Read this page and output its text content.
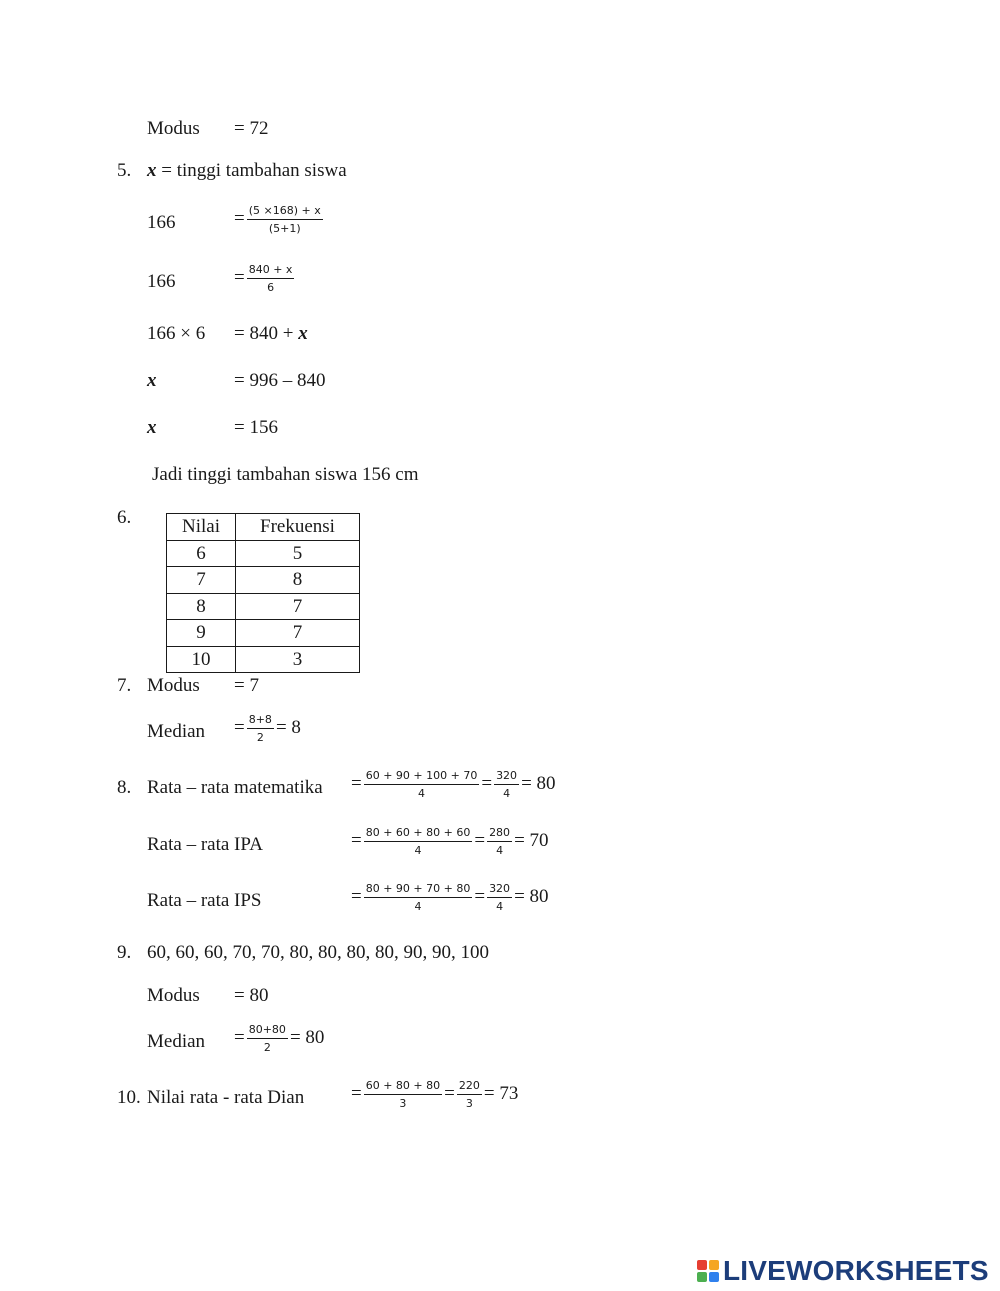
Modus = 72
5. x = tinggi tambahan siswa
166	= $\frac{(5 \times 168) + x}{(5+1)}$
166	= $\frac{840 + x}{6}$
166 × 6 = 840 + x
x	= 996 – 840
x	= 156
Jadi tinggi tambahan siswa 156 cm
6.	Nilai	Frekuensi
6	5
7	8
8	7
9	7
10	3
7. Modus = 7
Median = $\frac{8+8}{2} = 8$
8. Rata – rata matematika = $\frac{60 + 90 + 100 + 70}{4} = \frac{320}{4} = 80$
Rata – rata IPA	= $\frac{80 + 60 + 80 + 60}{4} = \frac{280}{4} = 70$
Rata – rata IPS	= $\frac{80 + 90 + 70 + 80}{4} = \frac{320}{4} = 80$
9. 60, 60, 60, 70, 70, 80, 80, 80, 80, 90, 90, 100
Modus = 80
Median = $\frac{80+80}{2} = 80$
10. Nilai rata - rata Dian = $\frac{60 + 80 + 80}{3} = \frac{220}{3} = 73$
LIVEWORKSHEETS
